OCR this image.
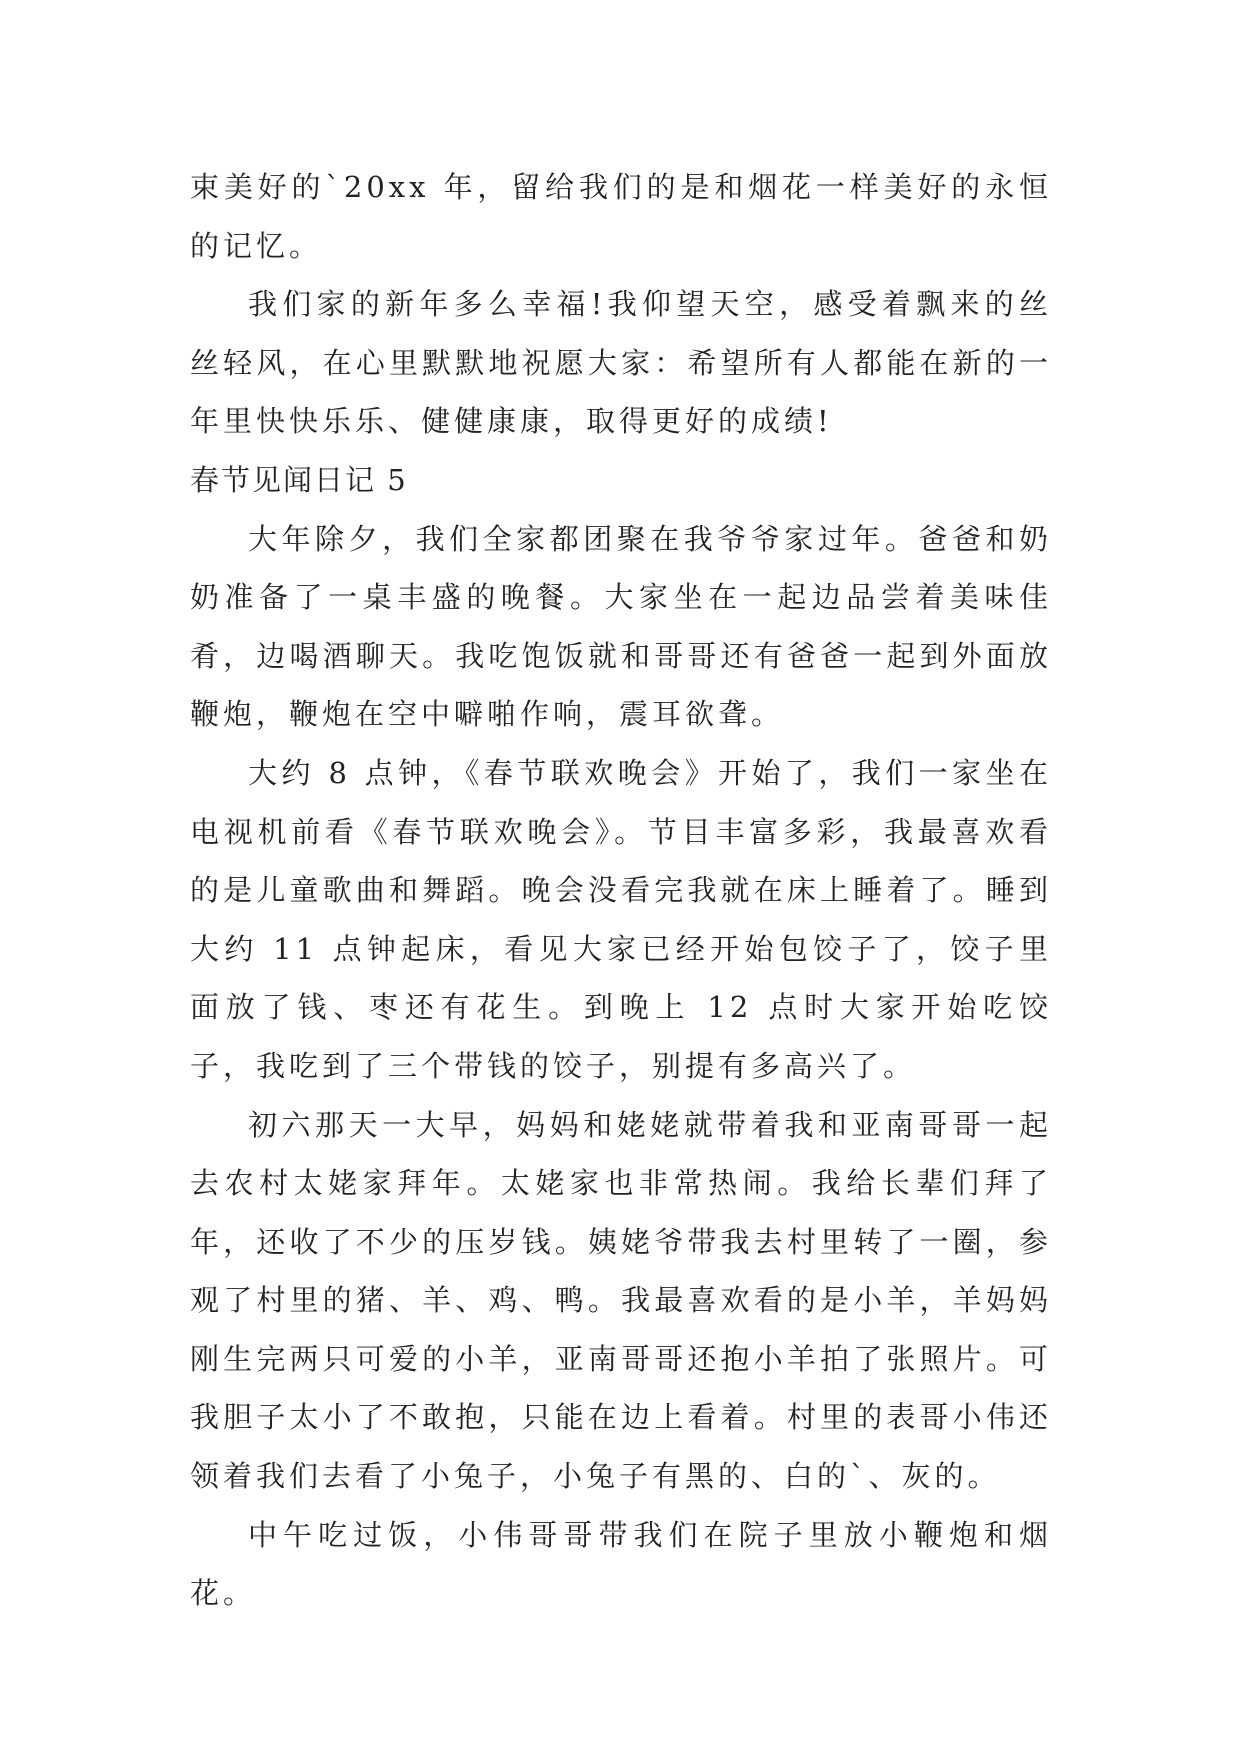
束美好的`20xx 年，留给我们的是和烟花一样美好的永恒的记忆。

我们家的新年多么幸福!我仰望天空，感受着飘来的丝丝轻风，在心里默默地祝愿大家：希望所有人都能在新的一年里快快乐乐、健健康康，取得更好的成绩!

春节见闻日记 5

大年除夕，我们全家都团聚在我爷爷家过年。爸爸和奶奶准备了一桌丰盛的晚餐。大家坐在一起边品尝着美味佳肴，边喝酒聊天。我吃饱饭就和哥哥还有爸爸一起到外面放鞭炮，鞭炮在空中噼啪作响，震耳欲聋。

大约 8 点钟，《春节联欢晚会》开始了，我们一家坐在电视机前看《春节联欢晚会》。节目丰富多彩，我最喜欢看的是儿童歌曲和舞蹈。晚会没看完我就在床上睡着了。睡到大约 11 点钟起床，看见大家已经开始包饺子了，饺子里面放了钱、枣还有花生。到晚上 12 点时大家开始吃饺子，我吃到了三个带钱的饺子，别提有多高兴了。

初六那天一大早，妈妈和姥姥就带着我和亚南哥哥一起去农村太姥家拜年。太姥家也非常热闹。我给长辈们拜了年，还收了不少的压岁钱。姨姥爷带我去村里转了一圈，参观了村里的猪、羊、鸡、鸭。我最喜欢看的是小羊，羊妈妈刚生完两只可爱的小羊，亚南哥哥还抱小羊拍了张照片。可我胆子太小了不敢抱，只能在边上看着。村里的表哥小伟还领着我们去看了小兔子，小兔子有黑的、白的`、灰的。

中午吃过饭，小伟哥哥带我们在院子里放小鞭炮和烟花。
